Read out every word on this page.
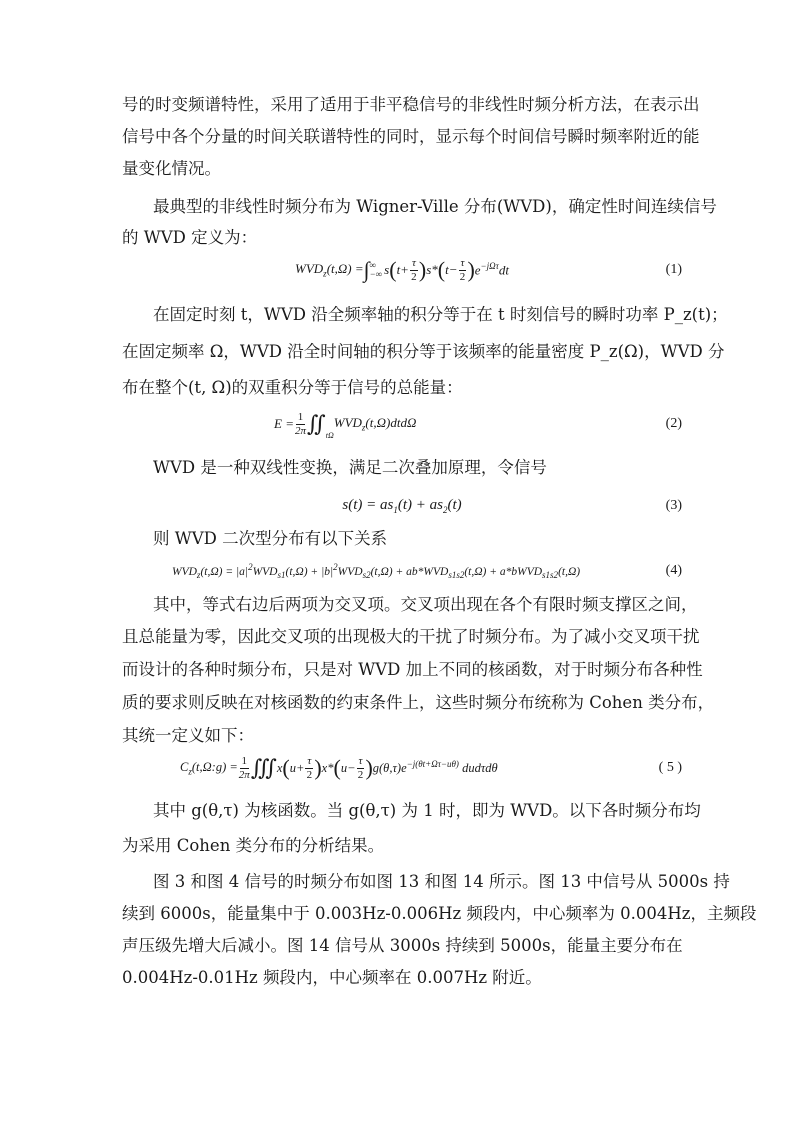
号的时变频谱特性，采用了适用于非平稳信号的非线性时频分析方法，在表示出
信号中各个分量的时间关联谱特性的同时，显示每个时间信号瞬时频率附近的能
量变化情况。
最典型的非线性时频分布为 Wigner-Ville 分布(WVD)，确定性时间连续信号
的 WVD 定义为：
$WVD_z(t,\Omega)$ = ∫ ∞
−∞ s ( $t+ \frac{\tau}{2}$ ) s* ( $t- \frac{\tau}{2}$ ) $e^{-j\Omega\tau}dt$	(1)
在固定时刻 t，WVD 沿全频率轴的积分等于在 t 时刻信号的瞬时功率 P_z(t)；
在固定频率 Ω，WVD 沿全时间轴的积分等于该频率的能量密度 P_z(Ω)，WVD 分
布在整个(t, Ω)的双重积分等于信号的总能量：
$E = \frac{1}{2\pi}$ ∬ tΩ
$WVD_z(t,\Omega)dtd\Omega$	(2)
WVD 是一种双线性变换，满足二次叠加原理，令信号
$s(t) = as_1(t) + as_2(t)$	(3)
则 WVD 二次型分布有以下关系
$WVD_z(t,\Omega) = |a|^2WVD_{s1}(t,\Omega) + |b|^2WVD_{s2}(t,\Omega) + ab*WVD_{s1s2}(t,\Omega)$ + a*bWVD$_{s1s2}$(t,Ω)	(4)
其中，等式右边后两项为交叉项。交叉项出现在各个有限时频支撑区之间，
且总能量为零，因此交叉项的出现极大的干扰了时频分布。为了减小交叉项干扰
而设计的各种时频分布，只是对 WVD 加上不同的核函数，对于时频分布各种性
质的要求则反映在对核函数的约束条件上，这些时频分布统称为 Cohen 类分布，
其统一定义如下：
$C_z(t,\Omega:g) = \frac{1}{2\pi}$ ∭ x ( $u+ \frac{\tau}{2}$ ) x* ( $u- \frac{\tau}{2}$ ) $g(\theta,\tau)e^{-j(\theta t+\Omega\tau-u\theta)}$ dudτdθ	( 5 )
其中 g(θ,τ) 为核函数。当 g(θ,τ) 为 1 时，即为 WVD。以下各时频分布均
为采用 Cohen 类分布的分析结果。
图 3 和图 4 信号的时频分布如图 13 和图 14 所示。图 13 中信号从 5000s 持
续到 6000s，能量集中于 0.003Hz-0.006Hz 频段内，中心频率为 0.004Hz，主频段
声压级先增大后减小。图 14 信号从 3000s 持续到 5000s，能量主要分布在
0.004Hz-0.01Hz 频段内，中心频率在 0.007Hz 附近。
